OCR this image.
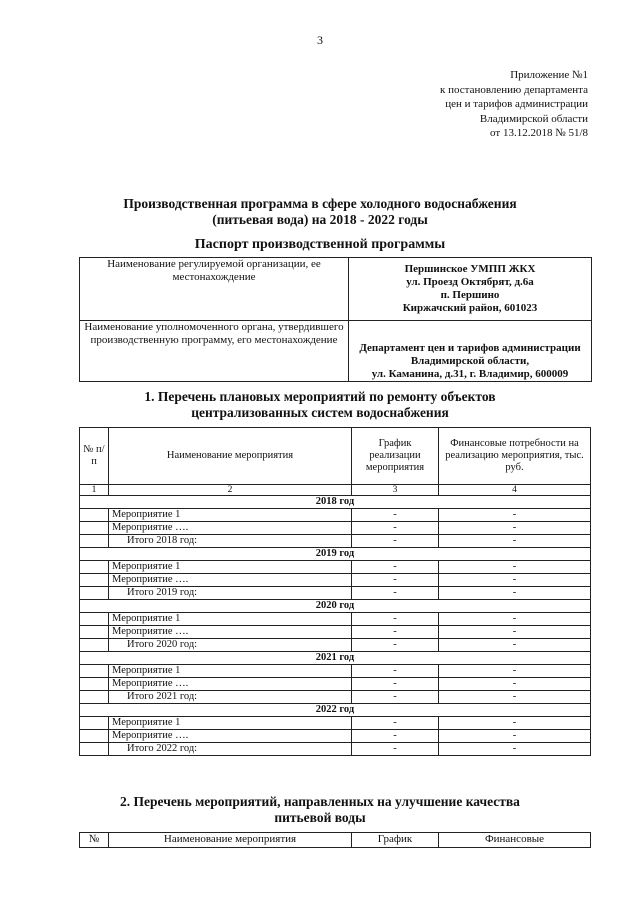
3
Приложение №1
к постановлению департамента
цен и тарифов администрации
Владимирской области
от 13.12.2018 № 51/8
Производственная программа в сфере холодного водоснабжения
(питьевая вода) на 2018 - 2022 годы
Паспорт производственной программы
Наименование регулируемой организации, ее местонахождение	Першинское УМПП ЖКХ
ул. Проезд Октябрят, д.6а
п. Першино
Киржачский район, 601023

Наименование уполномоченного органа, утвердившего производственную программу, его местонахождение	Департамент цен и тарифов администрации
Владимирской области,
ул. Каманина, д.31, г. Владимир, 600009
1. Перечень плановых мероприятий по ремонту объектов
централизованных систем водоснабжения
№ п/п	Наименование мероприятия	График реализации мероприятия	Финансовые потребности на реализацию мероприятия, тыс. руб.
1	2	3	4
2018 год			
	Мероприятие 1	-	-
	Мероприятие ….	-	-
	Итого 2018 год:	-	-
2019 год			
	Мероприятие 1	-	-
	Мероприятие ….	-	-
	Итого 2019 год:	-	-
2020 год			
	Мероприятие 1	-	-
	Мероприятие ….	-	-
	Итого 2020 год:	-	-
2021 год			
	Мероприятие 1	-	-
	Мероприятие ….	-	-
	Итого 2021 год:	-	-
2022 год			
	Мероприятие 1	-	-
	Мероприятие ….	-	-
	Итого 2022 год:	-	-
2. Перечень мероприятий, направленных на улучшение качества
питьевой воды
№	Наименование мероприятия	График	Финансовые
